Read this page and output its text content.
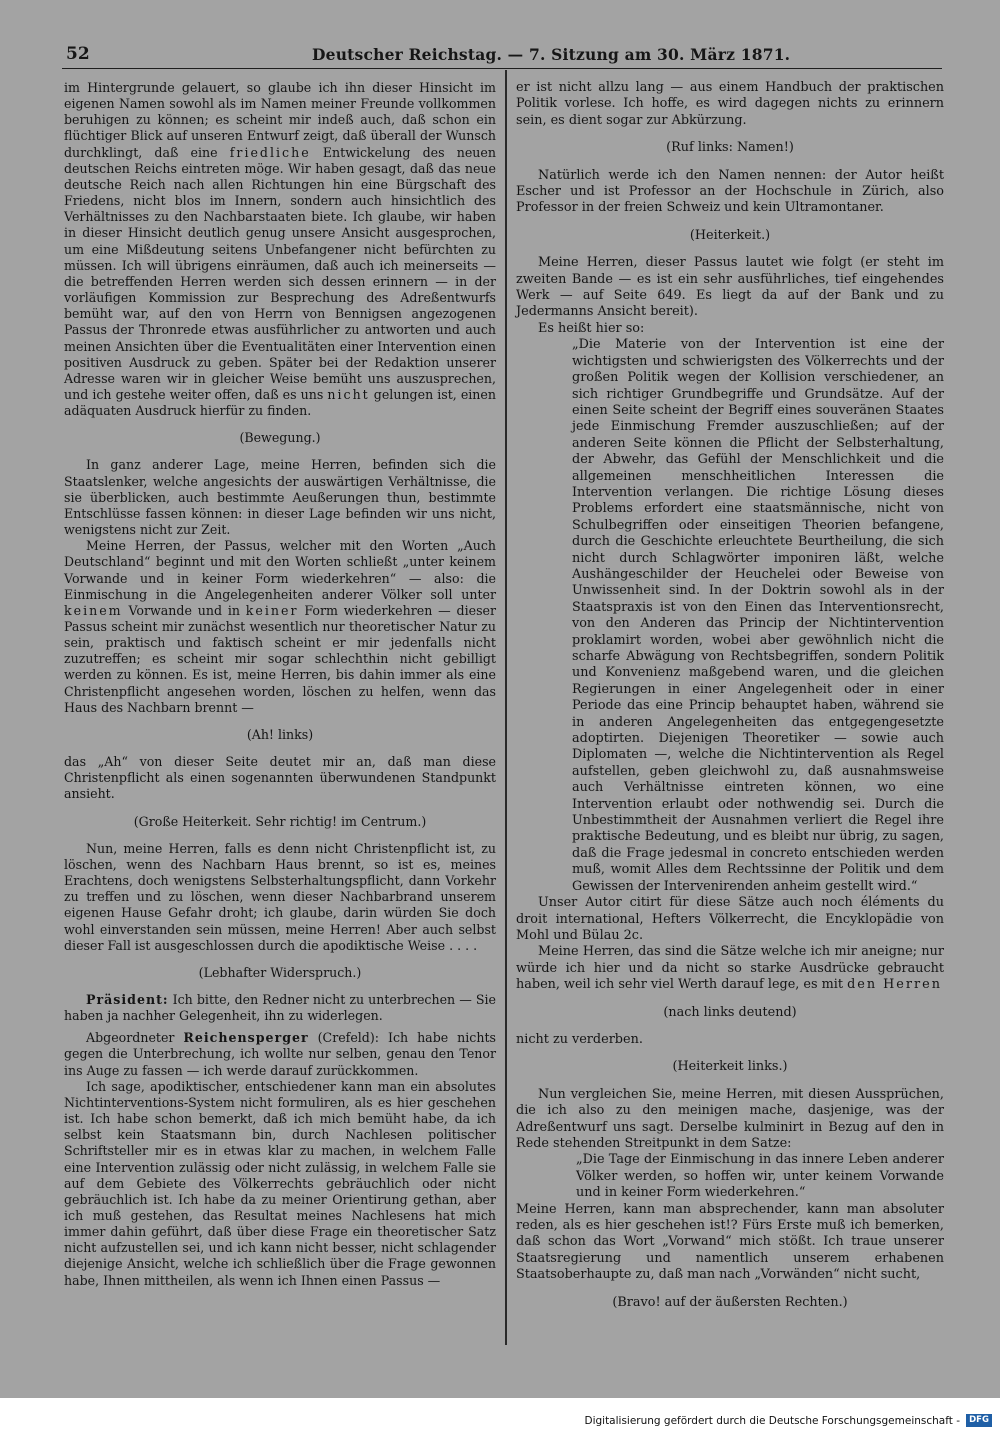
52	Deutscher Reichstag. — 7. Sitzung am 30. März 1871.

im Hintergrunde gelauert, so glaube ich ihn dieser Hinsicht im eigenen Namen sowohl als im Namen meiner Freunde vollkommen beruhigen zu können; es scheint mir indeß auch, daß schon ein flüchtiger Blick auf unseren Entwurf zeigt, daß überall der Wunsch durchklingt, daß eine friedliche Entwickelung des neuen deutschen Reichs eintreten möge. Wir haben gesagt, daß das neue deutsche Reich nach allen Richtungen hin eine Bürgschaft des Friedens, nicht blos im Innern, sondern auch hinsichtlich des Verhältnisses zu den Nachbarstaaten biete. Ich glaube, wir haben in dieser Hinsicht deutlich genug unsere Ansicht ausgesprochen, um eine Mißdeutung seitens Unbefangener nicht befürchten zu müssen. Ich will übrigens einräumen, daß auch ich meinerseits — die betreffenden Herren werden sich dessen erinnern — in der vorläufigen Kommission zur Besprechung des Adreßentwurfs bemüht war, auf den von Herrn von Bennigsen angezogenen Passus der Thronrede etwas ausführlicher zu antworten und auch meinen Ansichten über die Eventualitäten einer Intervention einen positiven Ausdruck zu geben. Später bei der Redaktion unserer Adresse waren wir in gleicher Weise bemüht uns auszusprechen, und ich gestehe weiter offen, daß es uns nicht gelungen ist, einen adäquaten Ausdruck hierfür zu finden.

(Bewegung.)

In ganz anderer Lage, meine Herren, befinden sich die Staatslenker, welche angesichts der auswärtigen Verhältnisse, die sie überblicken, auch bestimmte Aeußerungen thun, bestimmte Entschlüsse fassen können: in dieser Lage befinden wir uns nicht, wenigstens nicht zur Zeit.

Meine Herren, der Passus, welcher mit den Worten „Auch Deutschland“ beginnt und mit den Worten schließt „unter keinem Vorwande und in keiner Form wiederkehren“ — also: die Einmischung in die Angelegenheiten anderer Völker soll unter keinem Vorwande und in keiner Form wiederkehren — dieser Passus scheint mir zunächst wesentlich nur theoretischer Natur zu sein, praktisch und faktisch scheint er mir jedenfalls nicht zuzutreffen; es scheint mir sogar schlechthin nicht gebilligt werden zu können. Es ist, meine Herren, bis dahin immer als eine Christenpflicht angesehen worden, löschen zu helfen, wenn das Haus des Nachbarn brennt —

(Ah! links)

das „Ah“ von dieser Seite deutet mir an, daß man diese Christenpflicht als einen sogenannten überwundenen Standpunkt ansieht.

(Große Heiterkeit. Sehr richtig! im Centrum.)

Nun, meine Herren, falls es denn nicht Christenpflicht ist, zu löschen, wenn des Nachbarn Haus brennt, so ist es, meines Erachtens, doch wenigstens Selbsterhaltungspflicht, dann Vorkehr zu treffen und zu löschen, wenn dieser Nachbarbrand unserem eigenen Hause Gefahr droht; ich glaube, darin würden Sie doch wohl einverstanden sein müssen, meine Herren! Aber auch selbst dieser Fall ist ausgeschlossen durch die apodiktische Weise . . . .

(Lebhafter Widerspruch.)

Präsident: Ich bitte, den Redner nicht zu unterbrechen — Sie haben ja nachher Gelegenheit, ihn zu widerlegen.

Abgeordneter Reichensperger (Crefeld): Ich habe nichts gegen die Unterbrechung, ich wollte nur selben, genau den Tenor ins Auge zu fassen — ich werde darauf zurückkommen.

Ich sage, apodiktischer, entschiedener kann man ein absolutes Nichtinterventions-System nicht formuliren, als es hier geschehen ist. Ich habe schon bemerkt, daß ich mich bemüht habe, da ich selbst kein Staatsmann bin, durch Nachlesen politischer Schriftsteller mir es in etwas klar zu machen, in welchem Falle eine Intervention zulässig oder nicht zulässig, in welchem Falle sie auf dem Gebiete des Völkerrechts gebräuchlich oder nicht gebräuchlich ist. Ich habe da zu meiner Orientirung gethan, aber ich muß gestehen, das Resultat meines Nachlesens hat mich immer dahin geführt, daß über diese Frage ein theoretischer Satz nicht aufzustellen sei, und ich kann nicht besser, nicht schlagender diejenige Ansicht, welche ich schließlich über die Frage gewonnen habe, Ihnen mittheilen, als wenn ich Ihnen einen Passus —

er ist nicht allzu lang — aus einem Handbuch der praktischen Politik vorlese. Ich hoffe, es wird dagegen nichts zu erinnern sein, es dient sogar zur Abkürzung.

(Ruf links: Namen!)

Natürlich werde ich den Namen nennen: der Autor heißt Escher und ist Professor an der Hochschule in Zürich, also Professor in der freien Schweiz und kein Ultramontaner.

(Heiterkeit.)

Meine Herren, dieser Passus lautet wie folgt (er steht im zweiten Bande — es ist ein sehr ausführliches, tief eingehendes Werk — auf Seite 649. Es liegt da auf der Bank und zu Jedermanns Ansicht bereit).

Es heißt hier so:

„Die Materie von der Intervention ist eine der wichtigsten und schwierigsten des Völkerrechts und der großen Politik wegen der Kollision verschiedener, an sich richtiger Grundbegriffe und Grundsätze. Auf der einen Seite scheint der Begriff eines souveränen Staates jede Einmischung Fremder auszuschließen; auf der anderen Seite können die Pflicht der Selbsterhaltung, der Abwehr, das Gefühl der Menschlichkeit und die allgemeinen menschheitlichen Interessen die Intervention verlangen. Die richtige Lösung dieses Problems erfordert eine staatsmännische, nicht von Schulbegriffen oder einseitigen Theorien befangene, durch die Geschichte erleuchtete Beurtheilung, die sich nicht durch Schlagwörter imponiren läßt, welche Aushängeschilder der Heuchelei oder Beweise von Unwissenheit sind. In der Doktrin sowohl als in der Staatspraxis ist von den Einen das Interventionsrecht, von den Anderen das Princip der Nichtintervention proklamirt worden, wobei aber gewöhnlich nicht die scharfe Abwägung von Rechtsbegriffen, sondern Politik und Konvenienz maßgebend waren, und die gleichen Regierungen in einer Angelegenheit oder in einer Periode das eine Princip behauptet haben, während sie in anderen Angelegenheiten das entgegengesetzte adoptirten. Diejenigen Theoretiker — sowie auch Diplomaten —, welche die Nichtintervention als Regel aufstellen, geben gleichwohl zu, daß ausnahmsweise auch Verhältnisse eintreten können, wo eine Intervention erlaubt oder nothwendig sei. Durch die Unbestimmtheit der Ausnahmen verliert die Regel ihre praktische Bedeutung, und es bleibt nur übrig, zu sagen, daß die Frage jedesmal in concreto entschieden werden muß, womit Alles dem Rechtssinne der Politik und dem Gewissen der Intervenirenden anheim gestellt wird.“

Unser Autor citirt für diese Sätze auch noch éléments du droit international, Hefters Völkerrecht, die Encyklopädie von Mohl und Bülau 2c.

Meine Herren, das sind die Sätze welche ich mir aneigne; nur würde ich hier und da nicht so starke Ausdrücke gebraucht haben, weil ich sehr viel Werth darauf lege, es mit den Herren

(nach links deutend)

nicht zu verderben.

(Heiterkeit links.)

Nun vergleichen Sie, meine Herren, mit diesen Aussprüchen, die ich also zu den meinigen mache, dasjenige, was der Adreßentwurf uns sagt. Derselbe kulminirt in Bezug auf den in Rede stehenden Streitpunkt in dem Satze:

„Die Tage der Einmischung in das innere Leben anderer Völker werden, so hoffen wir, unter keinem Vorwande und in keiner Form wiederkehren.“

Meine Herren, kann man absprechender, kann man absoluter reden, als es hier geschehen ist!? Fürs Erste muß ich bemerken, daß schon das Wort „Vorwand“ mich stößt. Ich traue unserer Staatsregierung und namentlich unserem erhabenen Staatsoberhaupte zu, daß man nach „Vorwänden“ nicht sucht,

(Bravo! auf der äußersten Rechten.)

Digitalisierung gefördert durch die Deutsche Forschungsgemeinschaft -	DFG
